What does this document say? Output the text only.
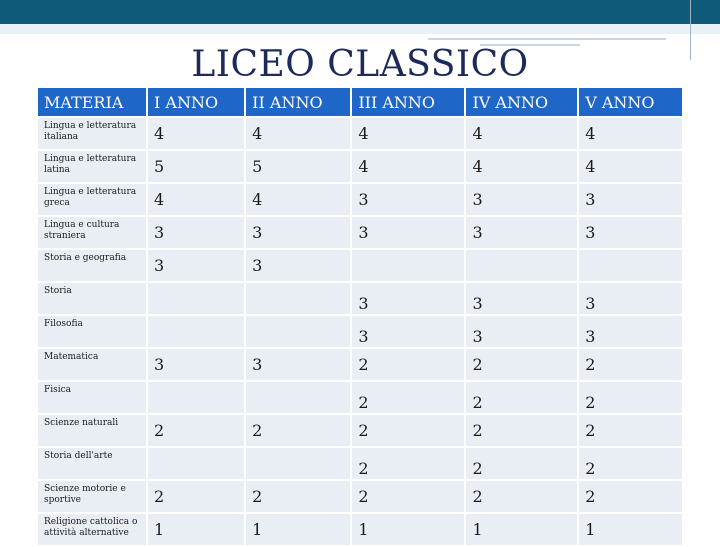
LICEO CLASSICO
MATERIA	I ANNO	II ANNO	III ANNO	IV ANNO	V ANNO
Lingua e letteratura italiana	4	4	4	4	4
Lingua e letteratura latina	5	5	4	4	4
Lingua e letteratura greca	4	4	3	3	3
Lingua e cultura straniera	3	3	3	3	3
Storia e geografia	3	3			
Storia			3	3	3
Filosofia			3	3	3
Matematica	3	3	2	2	2
Fisica			2	2	2
Scienze naturali	2	2	2	2	2
Storia dell'arte			2	2	2
Scienze motorie e sportive	2	2	2	2	2
Religione cattolica o attività alternative	1	1	1	1	1
